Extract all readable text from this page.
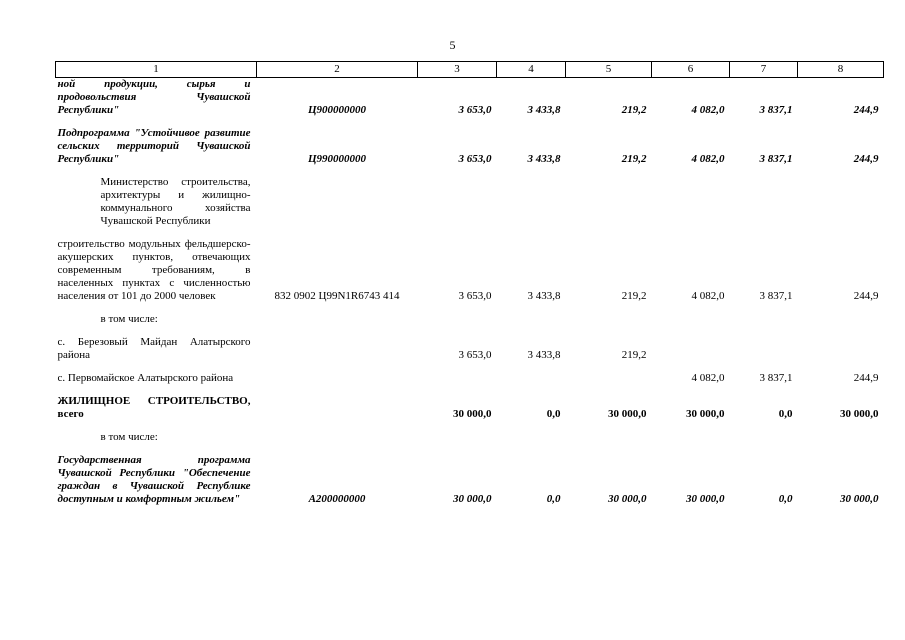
5
1	2	3	4	5	6	7	8
ной продукции, сырья и продовольствия Чувашской Республики"	Ц900000000	3 653,0	3 433,8	219,2	4 082,0	3 837,1	244,9

Подпрограмма "Устойчивое развитие сельских территорий Чувашской Республики"	Ц990000000	3 653,0	3 433,8	219,2	4 082,0	3 837,1	244,9

Министерство строительства, архитектуры и жилищно-коммунального хозяйства Чувашской Республики							

строительство модульных фельдшерско-акушерских пунктов, отвечающих современным требованиям, в населенных пунктах с численностью населения от 101 до 2000 человек	832 0902 Ц99N1R6743 414	3 653,0	3 433,8	219,2	4 082,0	3 837,1	244,9

в том числе:							

с. Березовый Майдан Алатырского района		3 653,0	3 433,8	219,2			

с. Первомайское Алатырского района					4 082,0	3 837,1	244,9

ЖИЛИЩНОЕ СТРОИТЕЛЬСТВО, всего		30 000,0	0,0	30 000,0	30 000,0	0,0	30 000,0

в том числе:							

Государственная программа Чувашской Республики "Обеспечение граждан в Чувашской Республике доступным и комфортным жильем"	А200000000	30 000,0	0,0	30 000,0	30 000,0	0,0	30 000,0
